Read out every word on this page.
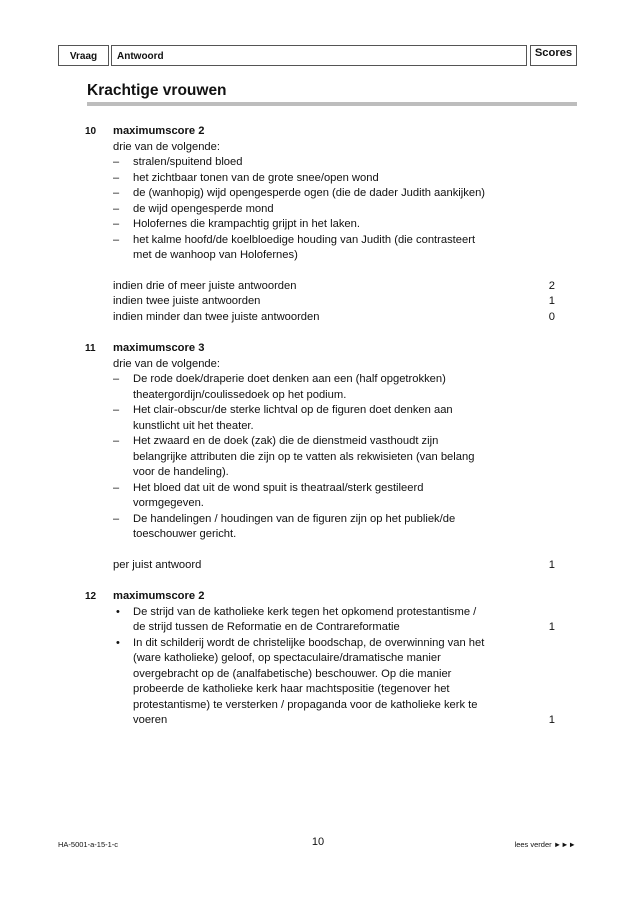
Vraag	Antwoord	Scores
Krachtige vrouwen
10 maximumscore 2
drie van de volgende:
– stralen/spuitend bloed
– het zichtbaar tonen van de grote snee/open wond
– de (wanhopig) wijd opengesperde ogen (die de dader Judith aankijken)
– de wijd opengesperde mond
– Holofernes die krampachtig grijpt in het laken.
– het kalme hoofd/de koelbloedige houding van Judith (die contrasteert
met de wanhoop van Holofernes)
indien drie of meer juiste antwoorden	2
indien twee juiste antwoorden	1
indien minder dan twee juiste antwoorden	0
11 maximumscore 3
drie van de volgende:
– De rode doek/draperie doet denken aan een (half opgetrokken)
theatergordijn/coulissedoek op het podium.
– Het clair-obscur/de sterke lichtval op de figuren doet denken aan
kunstlicht uit het theater.
– Het zwaard en de doek (zak) die de dienstmeid vasthoudt zijn
belangrijke attributen die zijn op te vatten als rekwisieten (van belang
voor de handeling).
– Het bloed dat uit de wond spuit is theatraal/sterk gestileerd
vormgegeven.
– De handelingen / houdingen van de figuren zijn op het publiek/de
toeschouwer gericht.
per juist antwoord	1
12 maximumscore 2
• De strijd van de katholieke kerk tegen het opkomend protestantisme /
de strijd tussen de Reformatie en de Contrareformatie	1
• In dit schilderij wordt de christelijke boodschap, de overwinning van het
(ware katholieke) geloof, op spectaculaire/dramatische manier
overgebracht op de (analfabetische) beschouwer. Op die manier
probeerde de katholieke kerk haar machtspositie (tegenover het
protestantisme) te versterken / propaganda voor de katholieke kerk te
voeren	1
HA-5001-a-15-1-c	10	lees verder ►►►
